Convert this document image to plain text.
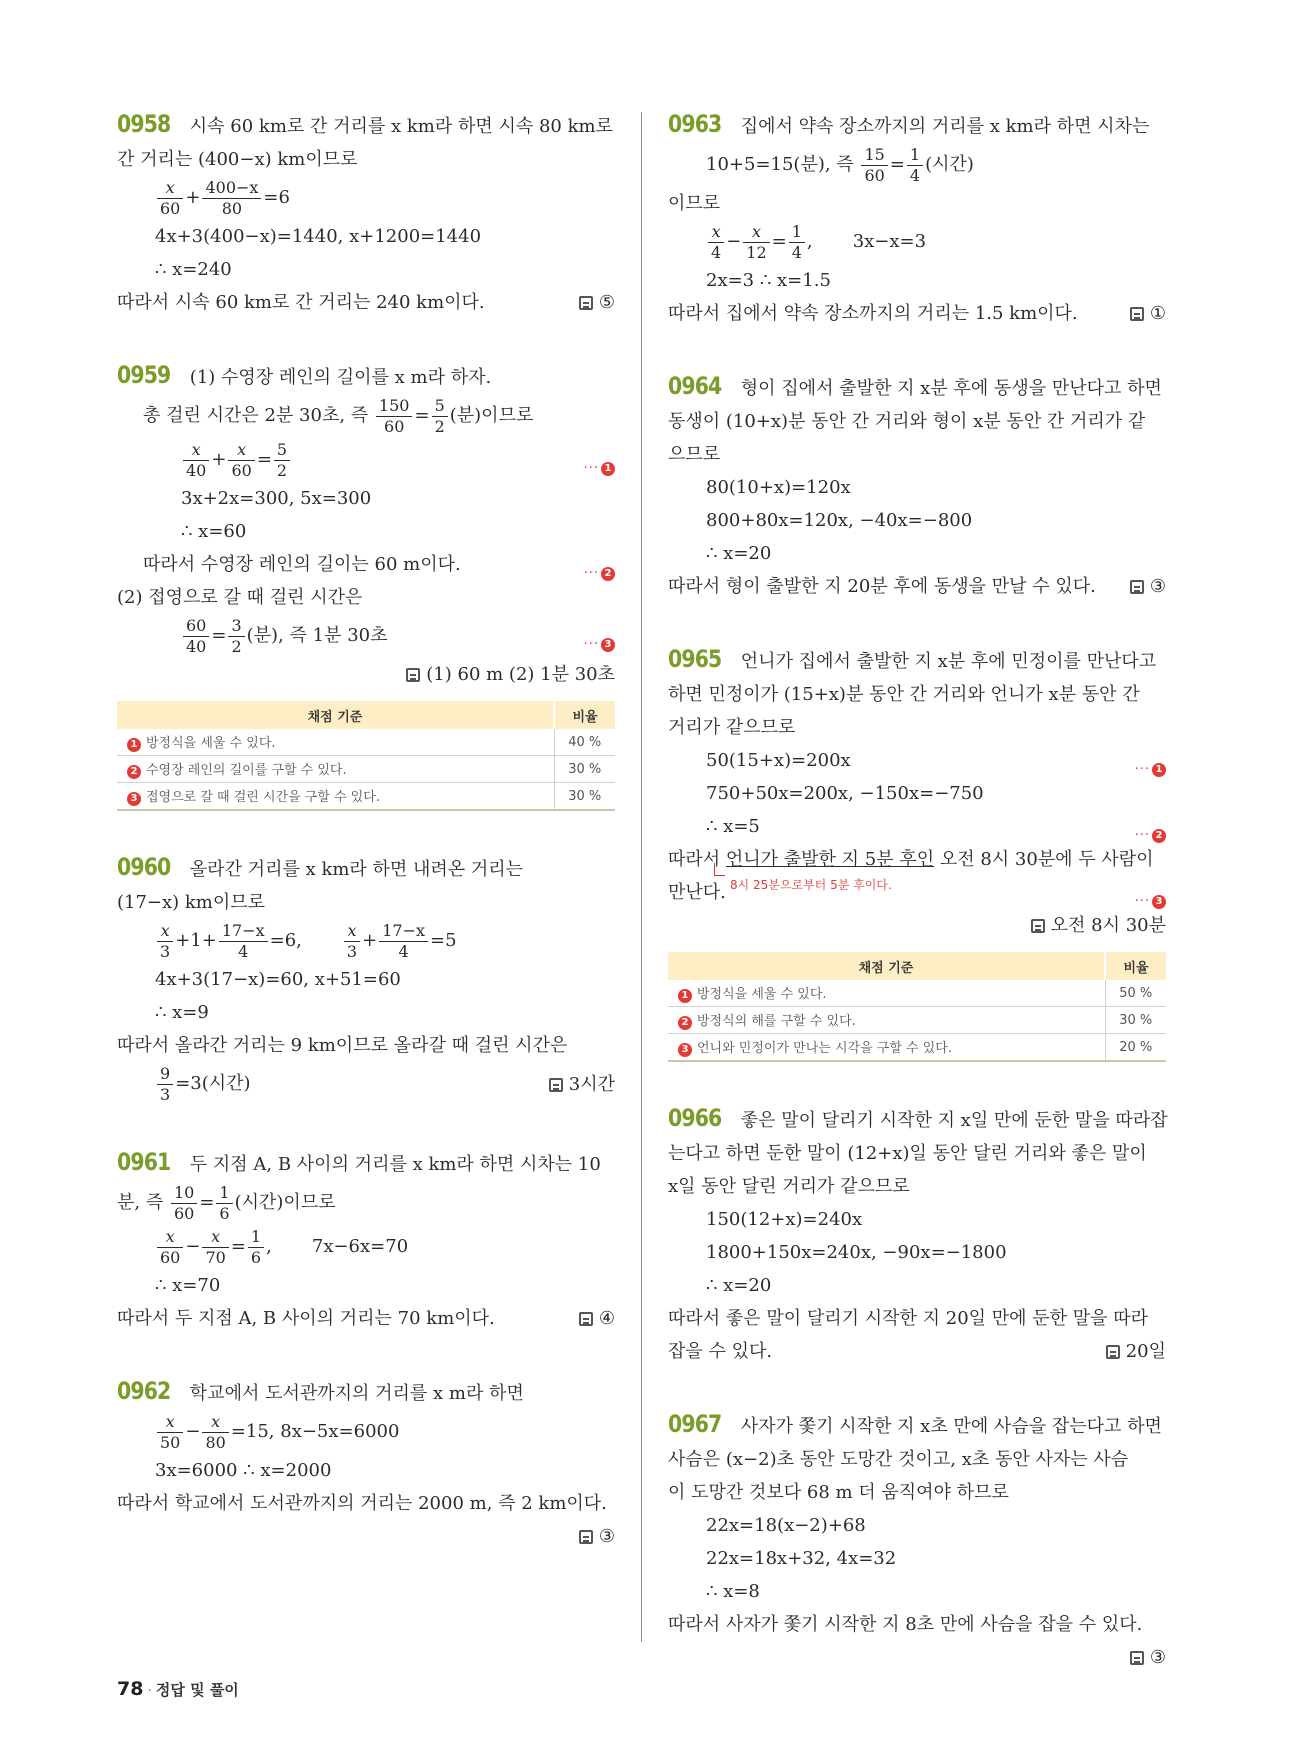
0958 시속 60 km로 간 거리를 x km라 하면 시속 80 km로
간 거리는 (400−x) km이므로
$\frac{x}{60} + \frac{400-x}{80} =6$
4x+3(400−x)=1440, x+1200=1440
∴ x=240
따라서 시속 60 km로 간 거리는 240 km이다.	⑤
0959 (1) 수영장 레인의 길이를 x m라 하자.
총 걸린 시간은 2분 30초, 즉 $\frac{150}{60} = \frac{5}{2}$ (분)이므로
$\frac{x}{40} + \frac{x}{60} = \frac{5}{2}$	··· 1
3x+2x=300, 5x=300
∴ x=60
따라서 수영장 레인의 길이는 60 m이다.	··· 2
(2) 접영으로 갈 때 걸린 시간은
$\frac{60}{40} = \frac{3}{2}$ (분), 즉 1분 30초	··· 3

(1) 60 m (2) 1분 30초
채점 기준	비율
1 방정식을 세울 수 있다.	40 %
2 수영장 레인의 길이를 구할 수 있다.	30 %
3 접영으로 갈 때 걸린 시간을 구할 수 있다.	30 %
0960 올라간 거리를 x km라 하면 내려온 거리는
(17−x) km이므로
$\frac{x}{3} +1+ \frac{17-x}{4} =6$, $\frac{x}{3} + \frac{17-x}{4} =5$
4x+3(17−x)=60, x+51=60
∴ x=9
따라서 올라간 거리는 9 km이므로 올라갈 때 걸린 시간은
$\frac{9}{3} =3$(시간)	3시간
0961 두 지점 A, B 사이의 거리를 x km라 하면 시차는 10
분, 즉 $\frac{10}{60} = \frac{1}{6}$ (시간)이므로
$\frac{x}{60} - \frac{x}{70} = \frac{1}{6}$ ,       7x−6x=70
∴ x=70
따라서 두 지점 A, B 사이의 거리는 70 km이다.	④
0962 학교에서 도서관까지의 거리를 x m라 하면
$\frac{x}{50} - \frac{x}{80} =15$, 8x−5x=6000
3x=6000 ∴ x=2000
따라서 학교에서 도서관까지의 거리는 2000 m, 즉 2 km이다.

③
0963 집에서 약속 장소까지의 거리를 x km라 하면 시차는
10+5=15(분), 즉 $\frac{15}{60} = \frac{1}{4}$ (시간)
이므로
$\frac{x}{4} - \frac{x}{12} = \frac{1}{4}$ ,       3x−x=3
2x=3 ∴ x=1.5
따라서 집에서 약속 장소까지의 거리는 1.5 km이다.	①
0964 형이 집에서 출발한 지 x분 후에 동생을 만난다고 하면
동생이 (10+x)분 동안 간 거리와 형이 x분 동안 간 거리가 같
으므로
80(10+x)=120x
800+80x=120x, −40x=−800
∴ x=20
따라서 형이 출발한 지 20분 후에 동생을 만날 수 있다.	③
0965 언니가 집에서 출발한 지 x분 후에 민정이를 만난다고
하면 민정이가 (15+x)분 동안 간 거리와 언니가 x분 동안 간
거리가 같으므로
50(15+x)=200x	··· 1
750+50x=200x, −150x=−750
∴ x=5	··· 2
따라서 언니가 출발한 지 5분 후인 오전 8시 30분에 두 사람이
8시 25분으로부터 5분 후이다.
만난다.	··· 3

오전 8시 30분
채점 기준	비율
1 방정식을 세울 수 있다.	50 %
2 방정식의 해를 구할 수 있다.	30 %
3 언니와 민정이가 만나는 시각을 구할 수 있다.	20 %
0966 좋은 말이 달리기 시작한 지 x일 만에 둔한 말을 따라잡
는다고 하면 둔한 말이 (12+x)일 동안 달린 거리와 좋은 말이
x일 동안 달린 거리가 같으므로
150(12+x)=240x
1800+150x=240x, −90x=−1800
∴ x=20
따라서 좋은 말이 달리기 시작한 지 20일 만에 둔한 말을 따라
잡을 수 있다.	20일
0967 사자가 쫓기 시작한 지 x초 만에 사슴을 잡는다고 하면
사슴은 (x−2)초 동안 도망간 것이고, x초 동안 사자는 사슴
이 도망간 것보다 68 m 더 움직여야 하므로
22x=18(x−2)+68
22x=18x+32, 4x=32
∴ x=8
따라서 사자가 쫓기 시작한 지 8초 만에 사슴을 잡을 수 있다.

③
78 · 정답 및 풀이
